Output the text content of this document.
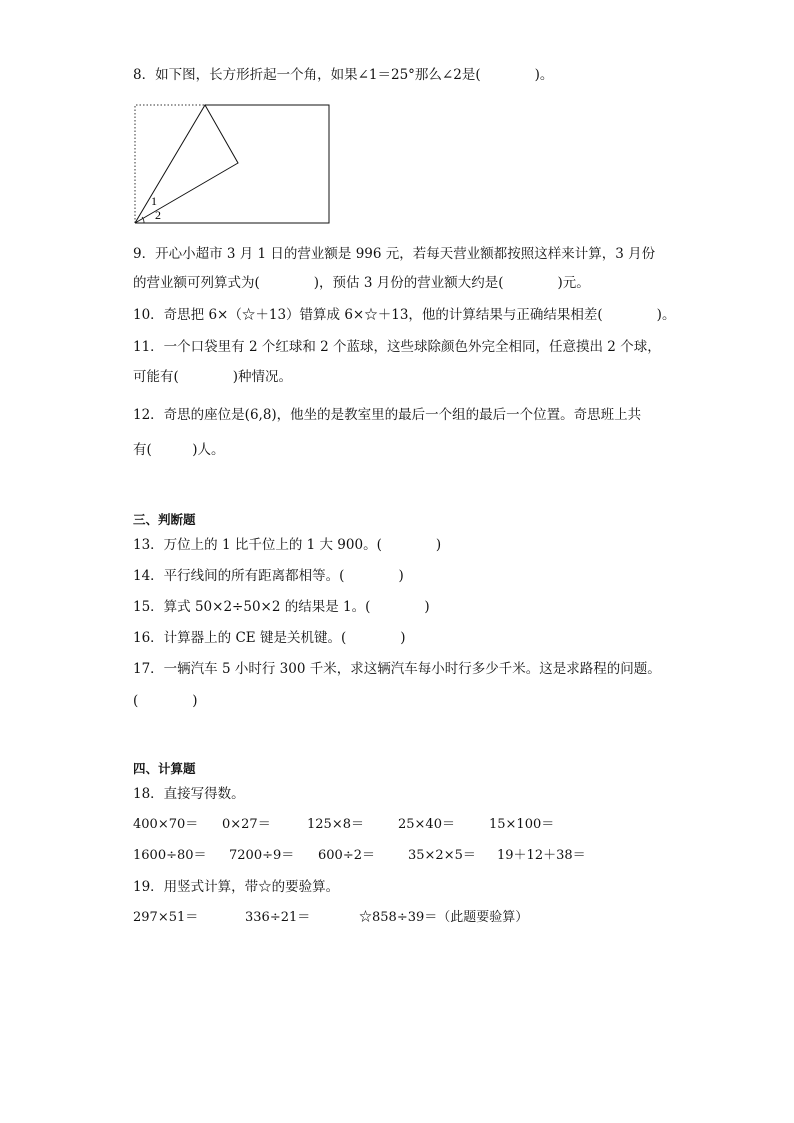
8．如下图，长方形折起一个角，如果∠1＝25°那么∠2是(　　　　)。
1
2
9．开心小超市 3 月 1 日的营业额是 996 元，若每天营业额都按照这样来计算，3 月份
的营业额可列算式为(　　　　)，预估 3 月份的营业额大约是(　　　　)元。
10．奇思把 6×（☆＋13）错算成 6×☆＋13，他的计算结果与正确结果相差(　　　　)。
11．一个口袋里有 2 个红球和 2 个蓝球，这些球除颜色外完全相同，任意摸出 2 个球，
可能有(　　　　)种情况。
12．奇思的座位是(6,8)，他坐的是教室里的最后一个组的最后一个位置。奇思班上共
有(　　　)人。
三、判断题
13．万位上的 1 比千位上的 1 大 900。(　　　　)
14．平行线间的所有距离都相等。(　　　　)
15．算式 50×2÷50×2 的结果是 1。(　　　　)
16．计算器上的 CE 键是关机键。(　　　　)
17．一辆汽车 5 小时行 300 千米，求这辆汽车每小时行多少千米。这是求路程的问题。
(　　　　)
四、计算题
18．直接写得数。
400×70＝ 0×27＝	125×8＝	25×40＝	15×100＝
1600÷80＝ 7200÷9＝ 600÷2＝	35×2×5＝ 19＋12＋38＝
19．用竖式计算，带☆的要验算。
297×51＝	336÷21＝	☆858÷39＝（此题要验算）
